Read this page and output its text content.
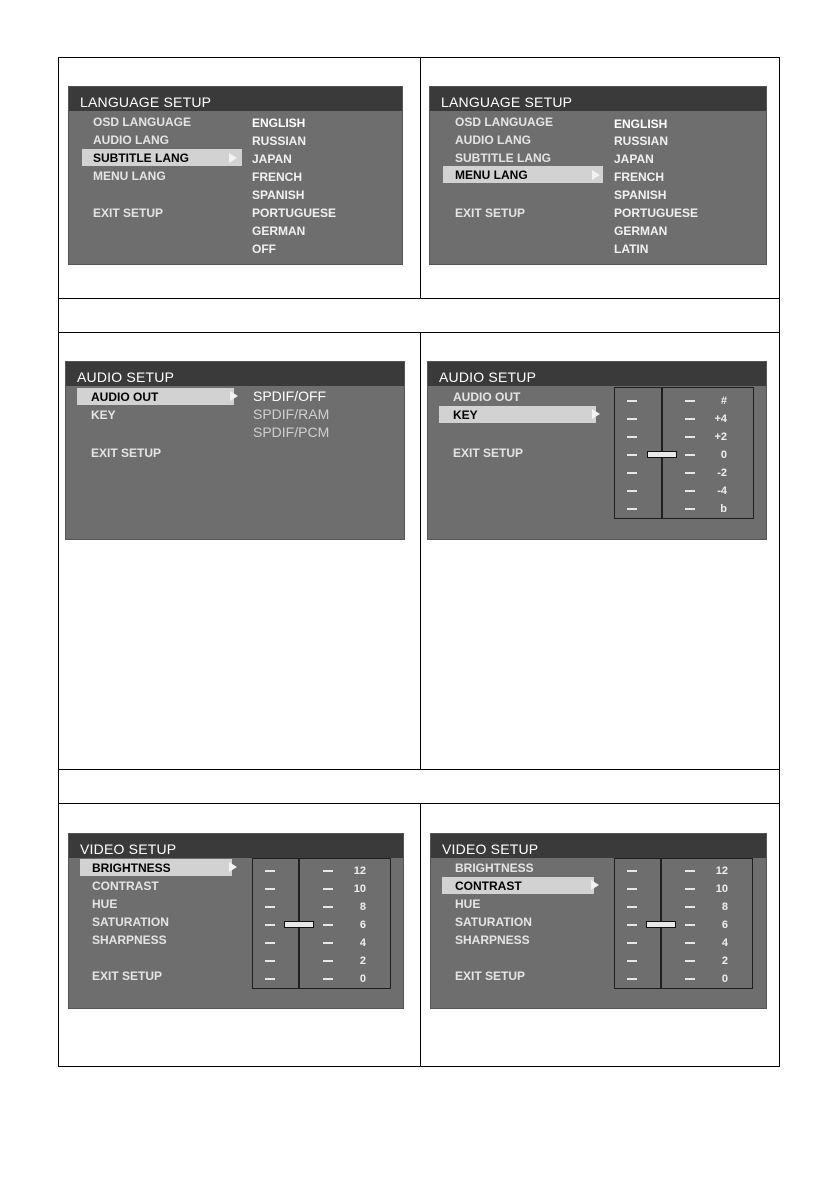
LANGUAGE SETUP
OSD LANGUAGE
AUDIO LANG
SUBTITLE LANG
MENU LANG
EXIT SETUP
ENGLISH
RUSSIAN
JAPAN
FRENCH
SPANISH
PORTUGUESE
GERMAN
OFF
LANGUAGE SETUP
OSD LANGUAGE
AUDIO LANG
SUBTITLE LANG
MENU LANG
EXIT SETUP
ENGLISH
RUSSIAN
JAPAN
FRENCH
SPANISH
PORTUGUESE
GERMAN
LATIN
AUDIO SETUP
AUDIO OUT
KEY
EXIT SETUP
SPDIF/OFF
SPDIF/RAM
SPDIF/PCM
AUDIO SETUP
AUDIO OUT
KEY
EXIT SETUP
#
+4
+2
0
-2
-4
b
VIDEO SETUP
BRIGHTNESS
CONTRAST
HUE
SATURATION
SHARPNESS
EXIT SETUP
12
10
8
6
4
2
0
VIDEO SETUP
BRIGHTNESS
CONTRAST
HUE
SATURATION
SHARPNESS
EXIT SETUP
12
10
8
6
4
2
0
